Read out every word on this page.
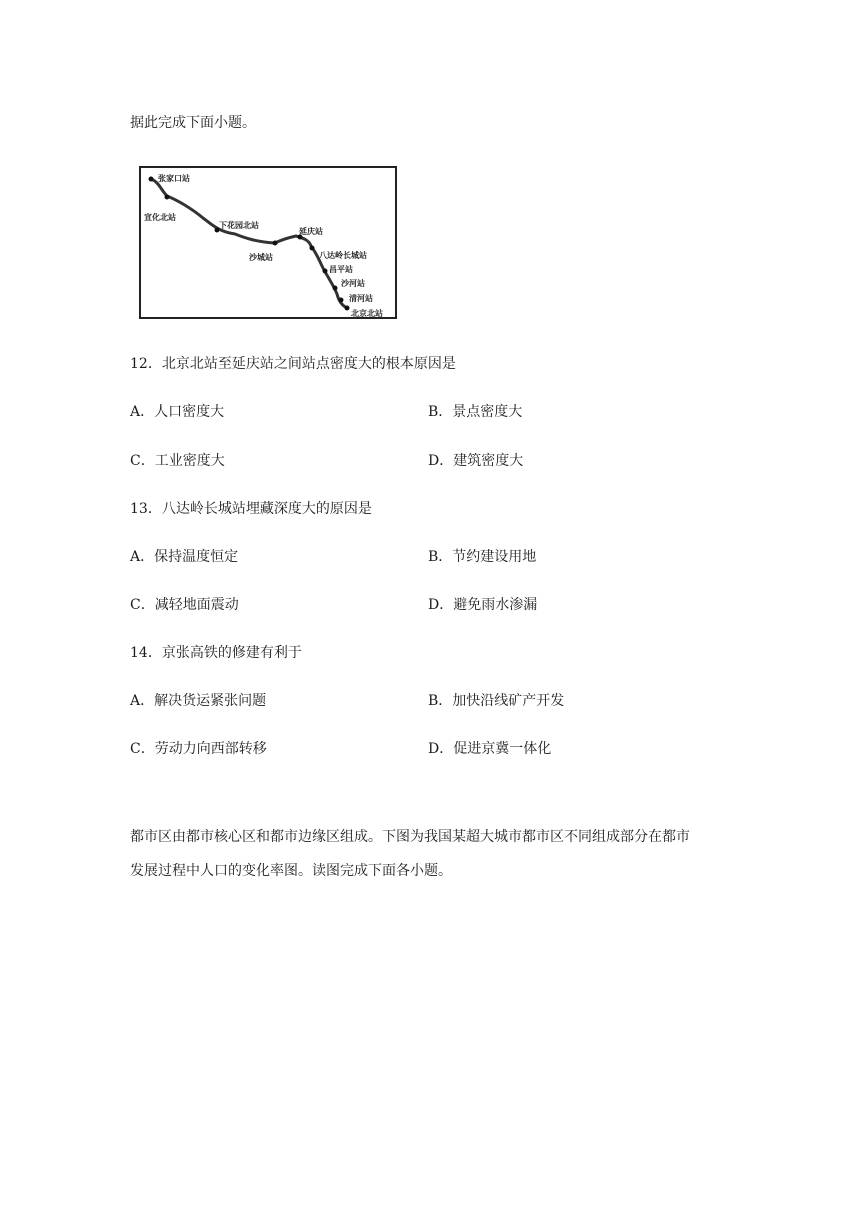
据此完成下面小题。
张家口站
宣化北站
下花园北站
沙城站
延庆站
八达岭长城站
昌平站
沙河站
清河站
北京北站
12．北京北站至延庆站之间站点密度大的根本原因是
A．人口密度大	B．景点密度大
C．工业密度大	D．建筑密度大
13．八达岭长城站埋藏深度大的原因是
A．保持温度恒定	B．节约建设用地
C．减轻地面震动	D．避免雨水渗漏
14．京张高铁的修建有利于
A．解决货运紧张问题	B．加快沿线矿产开发
C．劳动力向西部转移	D．促进京冀一体化
都市区由都市核心区和都市边缘区组成。下图为我国某超大城市都市区不同组成部分在都市
发展过程中人口的变化率图。读图完成下面各小题。
